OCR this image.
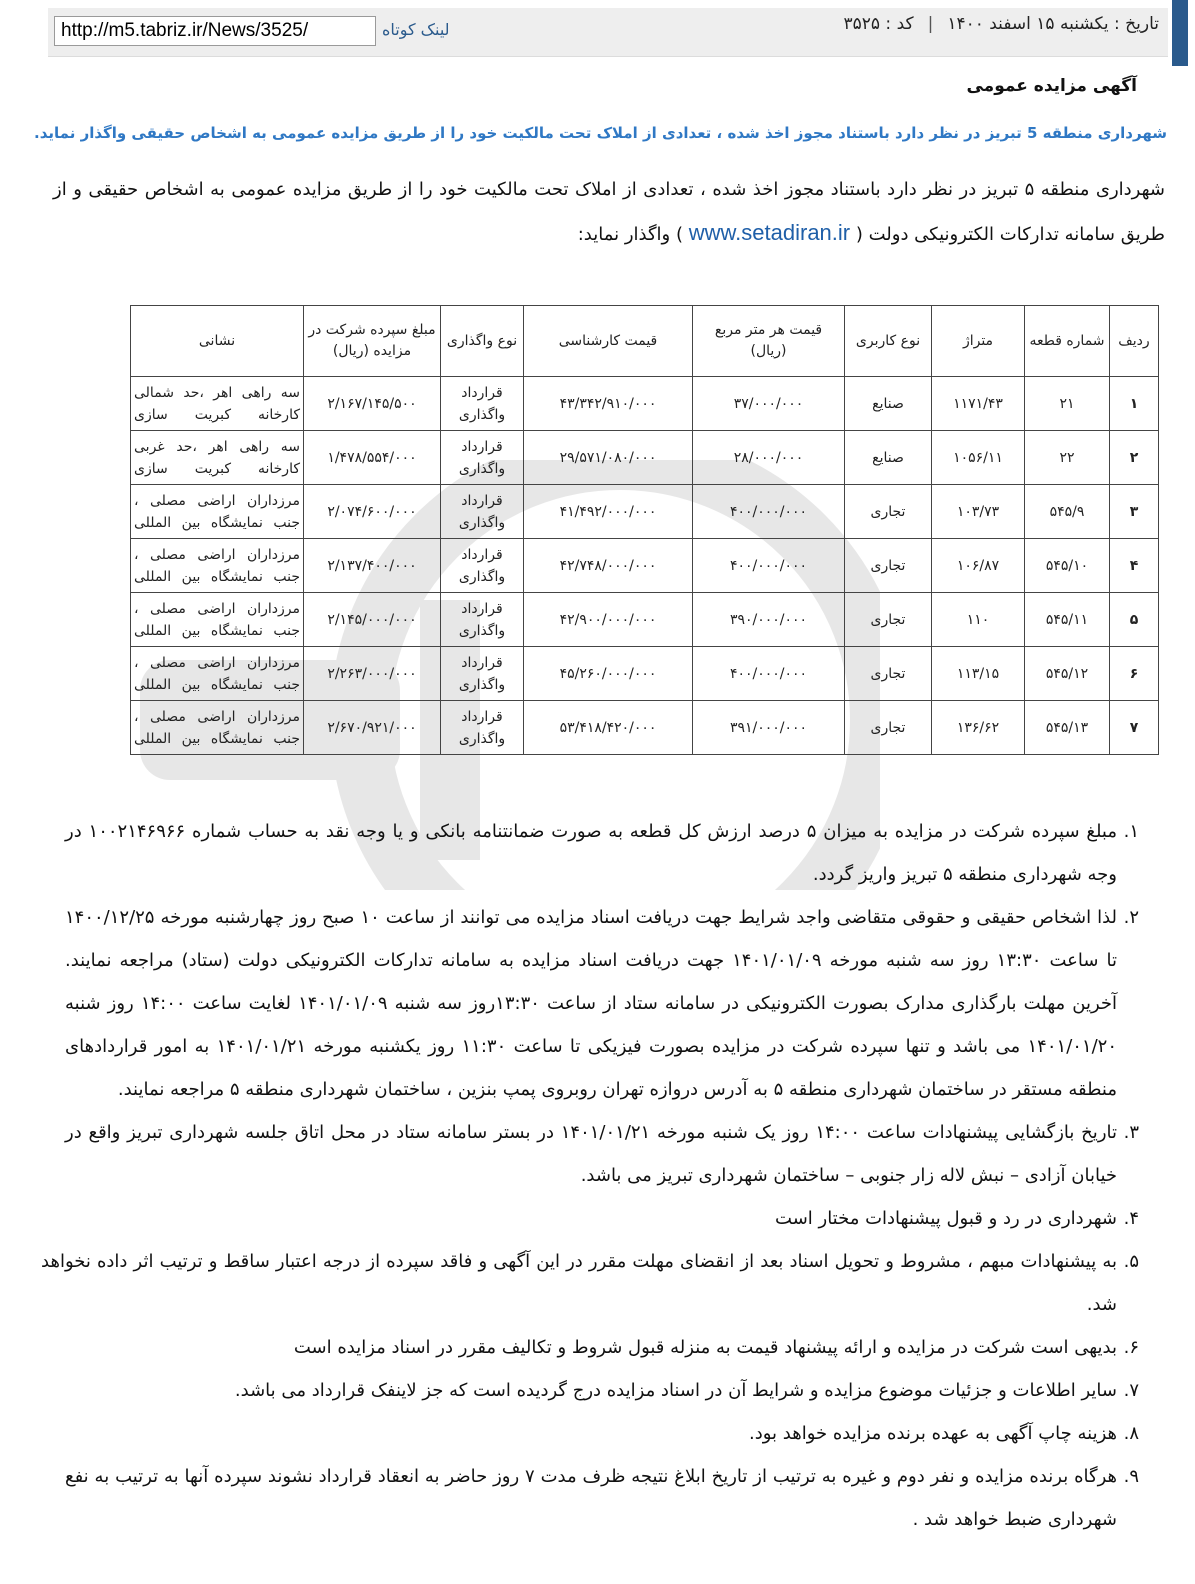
تاریخ : یکشنبه ۱۵ اسفند ۱۴۰۰|کد : ۳۵۲۵
لینک کوتاه
http://m5.tabriz.ir/News/3525/
آگهی مزایده عمومی
شهرداری منطقه 5 تبریز در نظر دارد باستناد مجوز اخذ شده ، تعدادی از املاک تحت مالکیت خود را از طریق مزایده عمومی به اشخاص حقیقی واگذار نماید.
شهرداری منطقه ۵ تبریز در نظر دارد باستناد مجوز اخذ شده ، تعدادی از املاک تحت مالکیت خود را از طریق مزایده عمومی به اشخاص حقیقی و از طریق سامانه تدارکات الکترونیکی دولت ( www.setadiran.ir ) واگذار نماید:
ردیف	شماره قطعه	متراژ	نوع کاربری	قیمت هر متر مربع (ریال)	قیمت کارشناسی	نوع واگذاری	مبلغ سپرده شرکت در مزایده (ریال)	نشانی
۱	۲۱	۱۱۷۱/۴۳	صنایع	۳۷/۰۰۰/۰۰۰	۴۳/۳۴۲/۹۱۰/۰۰۰	قرارداد واگذاری	۲/۱۶۷/۱۴۵/۵۰۰	سه راهی اهر ،حد شمالی کارخانه کبریت سازی
۲	۲۲	۱۰۵۶/۱۱	صنایع	۲۸/۰۰۰/۰۰۰	۲۹/۵۷۱/۰۸۰/۰۰۰	قرارداد واگذاری	۱/۴۷۸/۵۵۴/۰۰۰	سه راهی اهر ،حد غربی کارخانه کبریت سازی
۳	۵۴۵/۹	۱۰۳/۷۳	تجاری	۴۰۰/۰۰۰/۰۰۰	۴۱/۴۹۲/۰۰۰/۰۰۰	قرارداد واگذاری	۲/۰۷۴/۶۰۰/۰۰۰	مرزداران اراضی مصلی ، جنب نمایشگاه بین المللی
۴	۵۴۵/۱۰	۱۰۶/۸۷	تجاری	۴۰۰/۰۰۰/۰۰۰	۴۲/۷۴۸/۰۰۰/۰۰۰	قرارداد واگذاری	۲/۱۳۷/۴۰۰/۰۰۰	مرزداران اراضی مصلی ، جنب نمایشگاه بین المللی
۵	۵۴۵/۱۱	۱۱۰	تجاری	۳۹۰/۰۰۰/۰۰۰	۴۲/۹۰۰/۰۰۰/۰۰۰	قرارداد واگذاری	۲/۱۴۵/۰۰۰/۰۰۰	مرزداران اراضی مصلی ، جنب نمایشگاه بین المللی
۶	۵۴۵/۱۲	۱۱۳/۱۵	تجاری	۴۰۰/۰۰۰/۰۰۰	۴۵/۲۶۰/۰۰۰/۰۰۰	قرارداد واگذاری	۲/۲۶۳/۰۰۰/۰۰۰	مرزداران اراضی مصلی ، جنب نمایشگاه بین المللی
۷	۵۴۵/۱۳	۱۳۶/۶۲	تجاری	۳۹۱/۰۰۰/۰۰۰	۵۳/۴۱۸/۴۲۰/۰۰۰	قرارداد واگذاری	۲/۶۷۰/۹۲۱/۰۰۰	مرزداران اراضی مصلی ، جنب نمایشگاه بین المللی
۱.
مبلغ سپرده شرکت در مزایده به میزان ۵ درصد ارزش کل قطعه به صورت ضمانتنامه بانکی و یا وجه نقد به حساب شماره ۱۰۰۲۱۴۶۹۶۶ در وجه شهرداری منطقه ۵ تبریز واریز گردد.
۲.
لذا اشخاص حقیقی و حقوقی متقاضی واجد شرایط جهت دریافت اسناد مزایده می توانند از ساعت ۱۰ صبح روز چهارشنبه مورخه ۱۴۰۰/۱۲/۲۵ تا ساعت ۱۳:۳۰ روز سه شنبه مورخه ۱۴۰۱/۰۱/۰۹ جهت دریافت اسناد مزایده به سامانه تدارکات الکترونیکی دولت (ستاد) مراجعه نمایند. آخرین مهلت بارگذاری مدارک بصورت الکترونیکی در سامانه ستاد از ساعت ۱۳:۳۰روز سه شنبه ۱۴۰۱/۰۱/۰۹ لغایت ساعت ۱۴:۰۰ روز شنبه ۱۴۰۱/۰۱/۲۰ می باشد و تنها سپرده شرکت در مزایده بصورت فیزیکی تا ساعت ۱۱:۳۰ روز یکشنبه مورخه ۱۴۰۱/۰۱/۲۱ به امور قراردادهای منطقه مستقر در ساختمان شهرداری منطقه ۵ به آدرس دروازه تهران روبروی پمپ بنزین ، ساختمان شهرداری منطقه ۵ مراجعه نمایند.
۳.
تاریخ بازگشایی پیشنهادات ساعت ۱۴:۰۰ روز یک شنبه مورخه ۱۴۰۱/۰۱/۲۱ در بستر سامانه ستاد در محل اتاق جلسه شهرداری تبریز واقع در خیابان آزادی – نبش لاله زار جنوبی – ساختمان شهرداری تبریز می باشد.
۴.
شهرداری در رد و قبول پیشنهادات مختار است
۵.
به پیشنهادات مبهم ، مشروط و تحویل اسناد بعد از انقضای مهلت مقرر در این آگهی و فاقد سپرده از درجه اعتبار ساقط و ترتیب اثر داده نخواهد شد.
۶.
بدیهی است شرکت در مزایده و ارائه پیشنهاد قیمت به منزله قبول شروط و تکالیف مقرر در اسناد مزایده است
۷.
سایر اطلاعات و جزئیات موضوع مزایده و شرایط آن در اسناد مزایده درج گردیده است که جز لاینفک قرارداد می باشد.
۸.
هزینه چاپ آگهی به عهده برنده مزایده خواهد بود.
۹.
هرگاه برنده مزایده و نفر دوم و غیره به ترتیب از تاریخ ابلاغ نتیجه ظرف مدت ۷ روز حاضر به انعقاد قرارداد نشوند سپرده آنها به ترتیب به نفع شهرداری ضبط خواهد شد .
